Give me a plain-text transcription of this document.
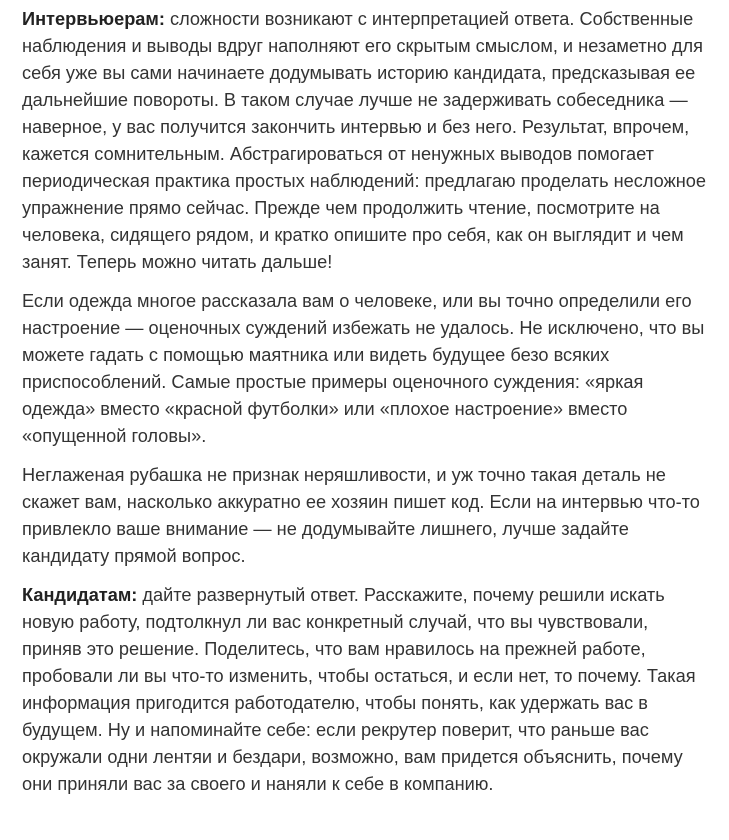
Интервьюерам: сложности возникают с интерпретацией ответа. Собственные наблюдения и выводы вдруг наполняют его скрытым смыслом, и незаметно для себя уже вы сами начинаете додумывать историю кандидата, предсказывая ее дальнейшие повороты. В таком случае лучше не задерживать собеседника — наверное, у вас получится закончить интервью и без него. Результат, впрочем, кажется сомнительным. Абстрагироваться от ненужных выводов помогает периодическая практика простых наблюдений: предлагаю проделать несложное упражнение прямо сейчас. Прежде чем продолжить чтение, посмотрите на человека, сидящего рядом, и кратко опишите про себя, как он выглядит и чем занят. Теперь можно читать дальше!

Если одежда многое рассказала вам о человеке, или вы точно определили его настроение — оценочных суждений избежать не удалось. Не исключено, что вы можете гадать с помощью маятника или видеть будущее безо всяких приспособлений. Самые простые примеры оценочного суждения: «яркая одежда» вместо «красной футболки» или «плохое настроение» вместо «опущенной головы».

Неглаженая рубашка не признак неряшливости, и уж точно такая деталь не скажет вам, насколько аккуратно ее хозяин пишет код. Если на интервью что-то привлекло ваше внимание — не додумывайте лишнего, лучше задайте кандидату прямой вопрос.

Кандидатам: дайте развернутый ответ. Расскажите, почему решили искать новую работу, подтолкнул ли вас конкретный случай, что вы чувствовали, приняв это решение. Поделитесь, что вам нравилось на прежней работе, пробовали ли вы что-то изменить, чтобы остаться, и если нет, то почему. Такая информация пригодится работодателю, чтобы понять, как удержать вас в будущем. Ну и напоминайте себе: если рекрутер поверит, что раньше вас окружали одни лентяи и бездари, возможно, вам придется объяснить, почему они приняли вас за своего и наняли к себе в компанию.
